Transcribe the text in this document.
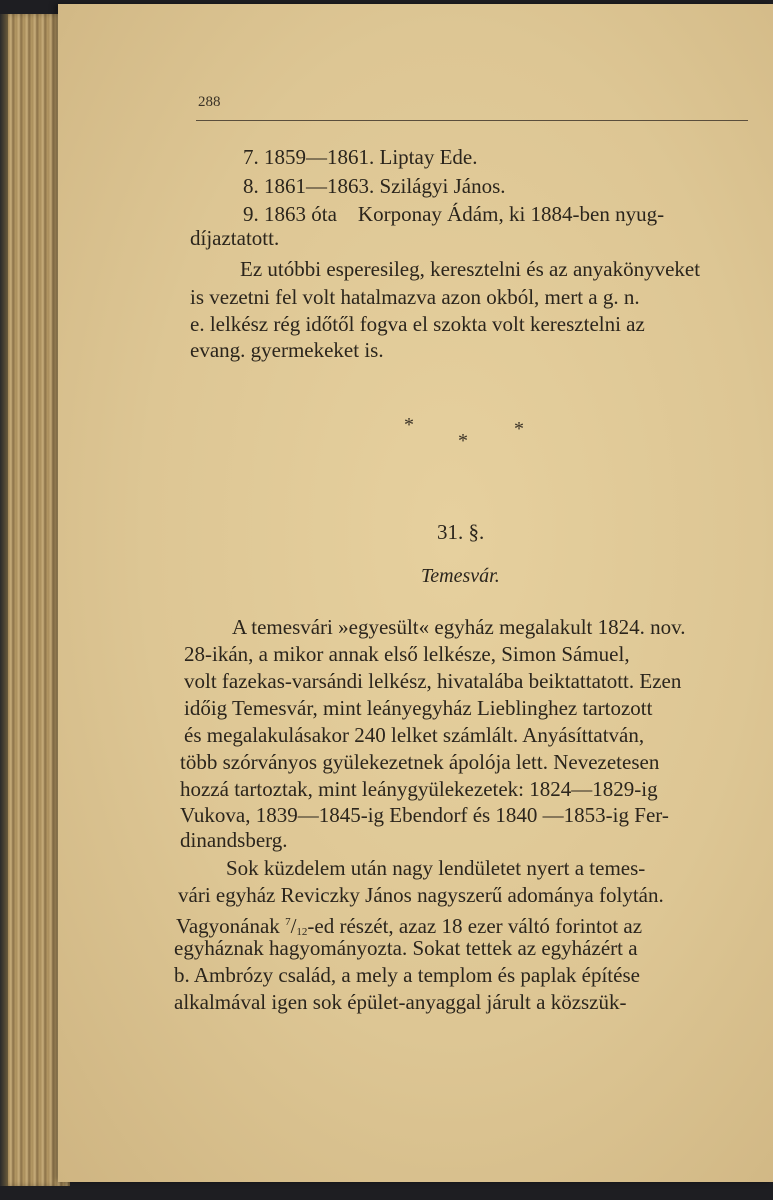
288

7. 1859—1861. Liptay Ede.

8. 1861—1863. Szilágyi János.

9. 1863 óta    Korponay Ádám, ki 1884-ben nyug-

díjaztatott.

Ez utóbbi esperesileg, keresztelni és az anyakönyveket

is vezetni fel volt hatalmazva azon okból, mert a g. n.

e. lelkész rég időtől fogva el szokta volt keresztelni az

evang. gyermekeket is.

*	*
*
31. §.
Temesvár.

A temesvári »egyesült« egyház megalakult 1824. nov.

28-ikán, a mikor annak első lelkésze, Simon Sámuel,

volt fazekas-varsándi lelkész, hivatalába beiktattatott. Ezen

időig Temesvár, mint leányegyház Lieblinghez tartozott

és megalakulásakor 240 lelket számlált. Anyásíttatván,

több szórványos gyülekezetnek ápolója lett. Nevezetesen

hozzá tartoztak, mint leánygyülekezetek: 1824—1829-ig

Vukova, 1839—1845-ig Ebendorf és 1840 —1853-ig Fer-

dinandsberg.

Sok küzdelem után nagy lendületet nyert a temes-

vári egyház Reviczky János nagyszerű adománya folytán.

Vagyonának $^7/_{12}-ed$ részét, azaz 18 ezer váltó forintot az

egyháznak hagyományozta. Sokat tettek az egyházért a

b. Ambrózy család, a mely a templom és paplak építése

alkalmával igen sok épület-anyaggal járult a közszük-
